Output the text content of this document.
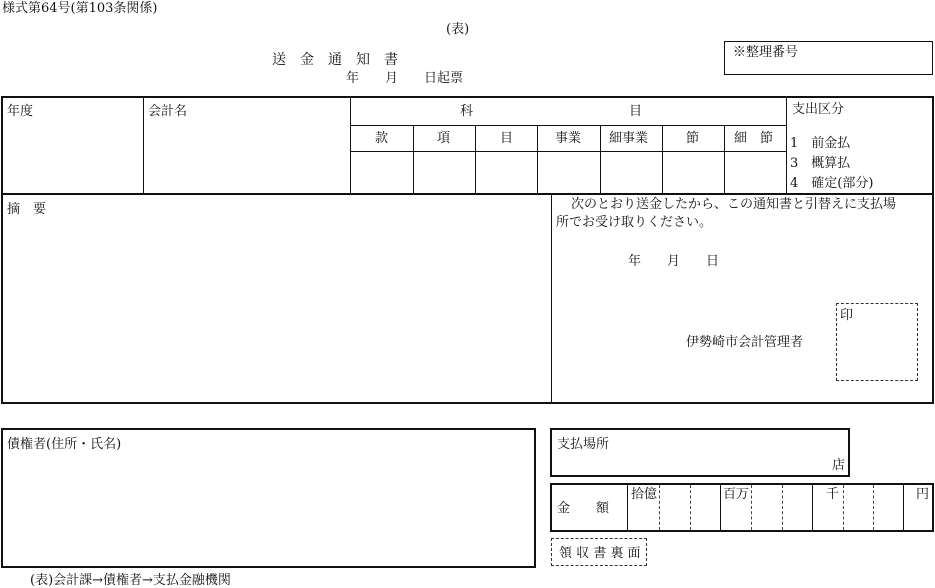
様式第64号(第103条関係)
(表)
送　金　通　知　書
年　　月　　日起票
※整理番号
年度	会計名	科　　　　　　　　　　　　目
款	項	目	事業 細事業	節	細　節
支出区分
1　前金払
3　概算払
4　確定(部分)
摘　要	次のとおり送金したから、この通知書と引替えに支払場
所でお受け取りください。
年　　月　　日
伊勢崎市会計管理者
印
債権者(住所・氏名)	支払場所
店
金　　額
拾億	百万	千	円
領 収 書 裏 面
(表)会計課→債権者→支払金融機関
